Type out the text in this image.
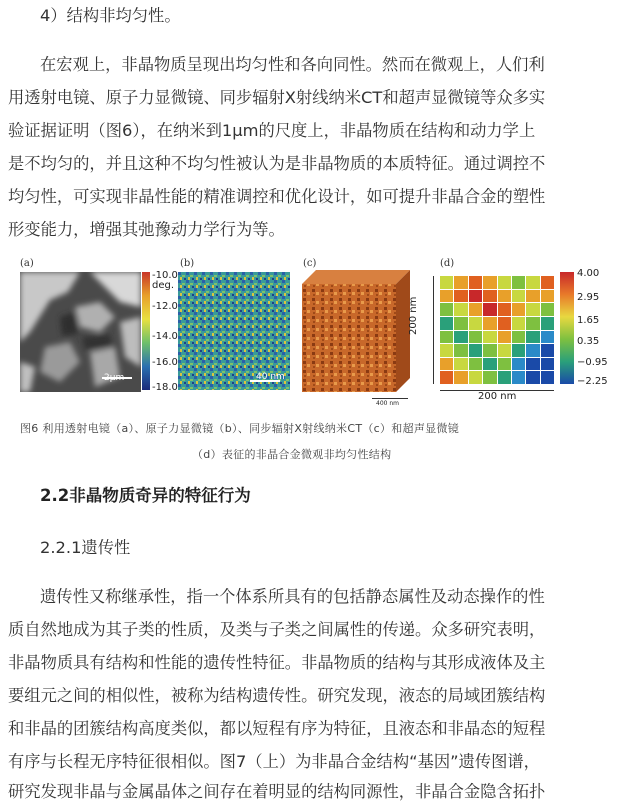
4）结构非均匀性。
在宏观上，非晶物质呈现出均匀性和各向同性。然而在微观上，人们利
用透射电镜、原子力显微镜、同步辐射X射线纳米CT和超声显微镜等众多实
验证据证明（图6），在纳米到1μm的尺度上，非晶物质在结构和动力学上
是不均匀的，并且这种不均匀性被认为是非晶物质的本质特征。通过调控不
均匀性，可实现非晶性能的精准调控和优化设计，如可提升非晶合金的塑性
形变能力，增强其弛豫动力学行为等。
(a)
2μm
(b)
40 nm
-10.0
deg.
-12.0
-14.0
-16.0
-18.0
(c)
400 nm
(d)
200 nm
200 nm
4.00
2.95
1.65
0.35
−0.95
−2.25
图6 利用透射电镜（a）、原子力显微镜（b）、同步辐射X射线纳米CT（c）和超声显微镜
（d）表征的非晶合金微观非均匀性结构
2.2非晶物质奇异的特征行为
2.2.1遗传性
遗传性又称继承性，指一个体系所具有的包括静态属性及动态操作的性
质自然地成为其子类的性质，及类与子类之间属性的传递。众多研究表明，
非晶物质具有结构和性能的遗传性特征。非晶物质的结构与其形成液体及主
要组元之间的相似性，被称为结构遗传性。研究发现，液态的局域团簇结构
和非晶的团簇结构高度类似，都以短程有序为特征，且液态和非晶态的短程
有序与长程无序特征很相似。图7（上）为非晶合金结构“基因”遗传图谱，
研究发现非晶与金属晶体之间存在着明显的结构同源性，非晶合金隐含拓扑
